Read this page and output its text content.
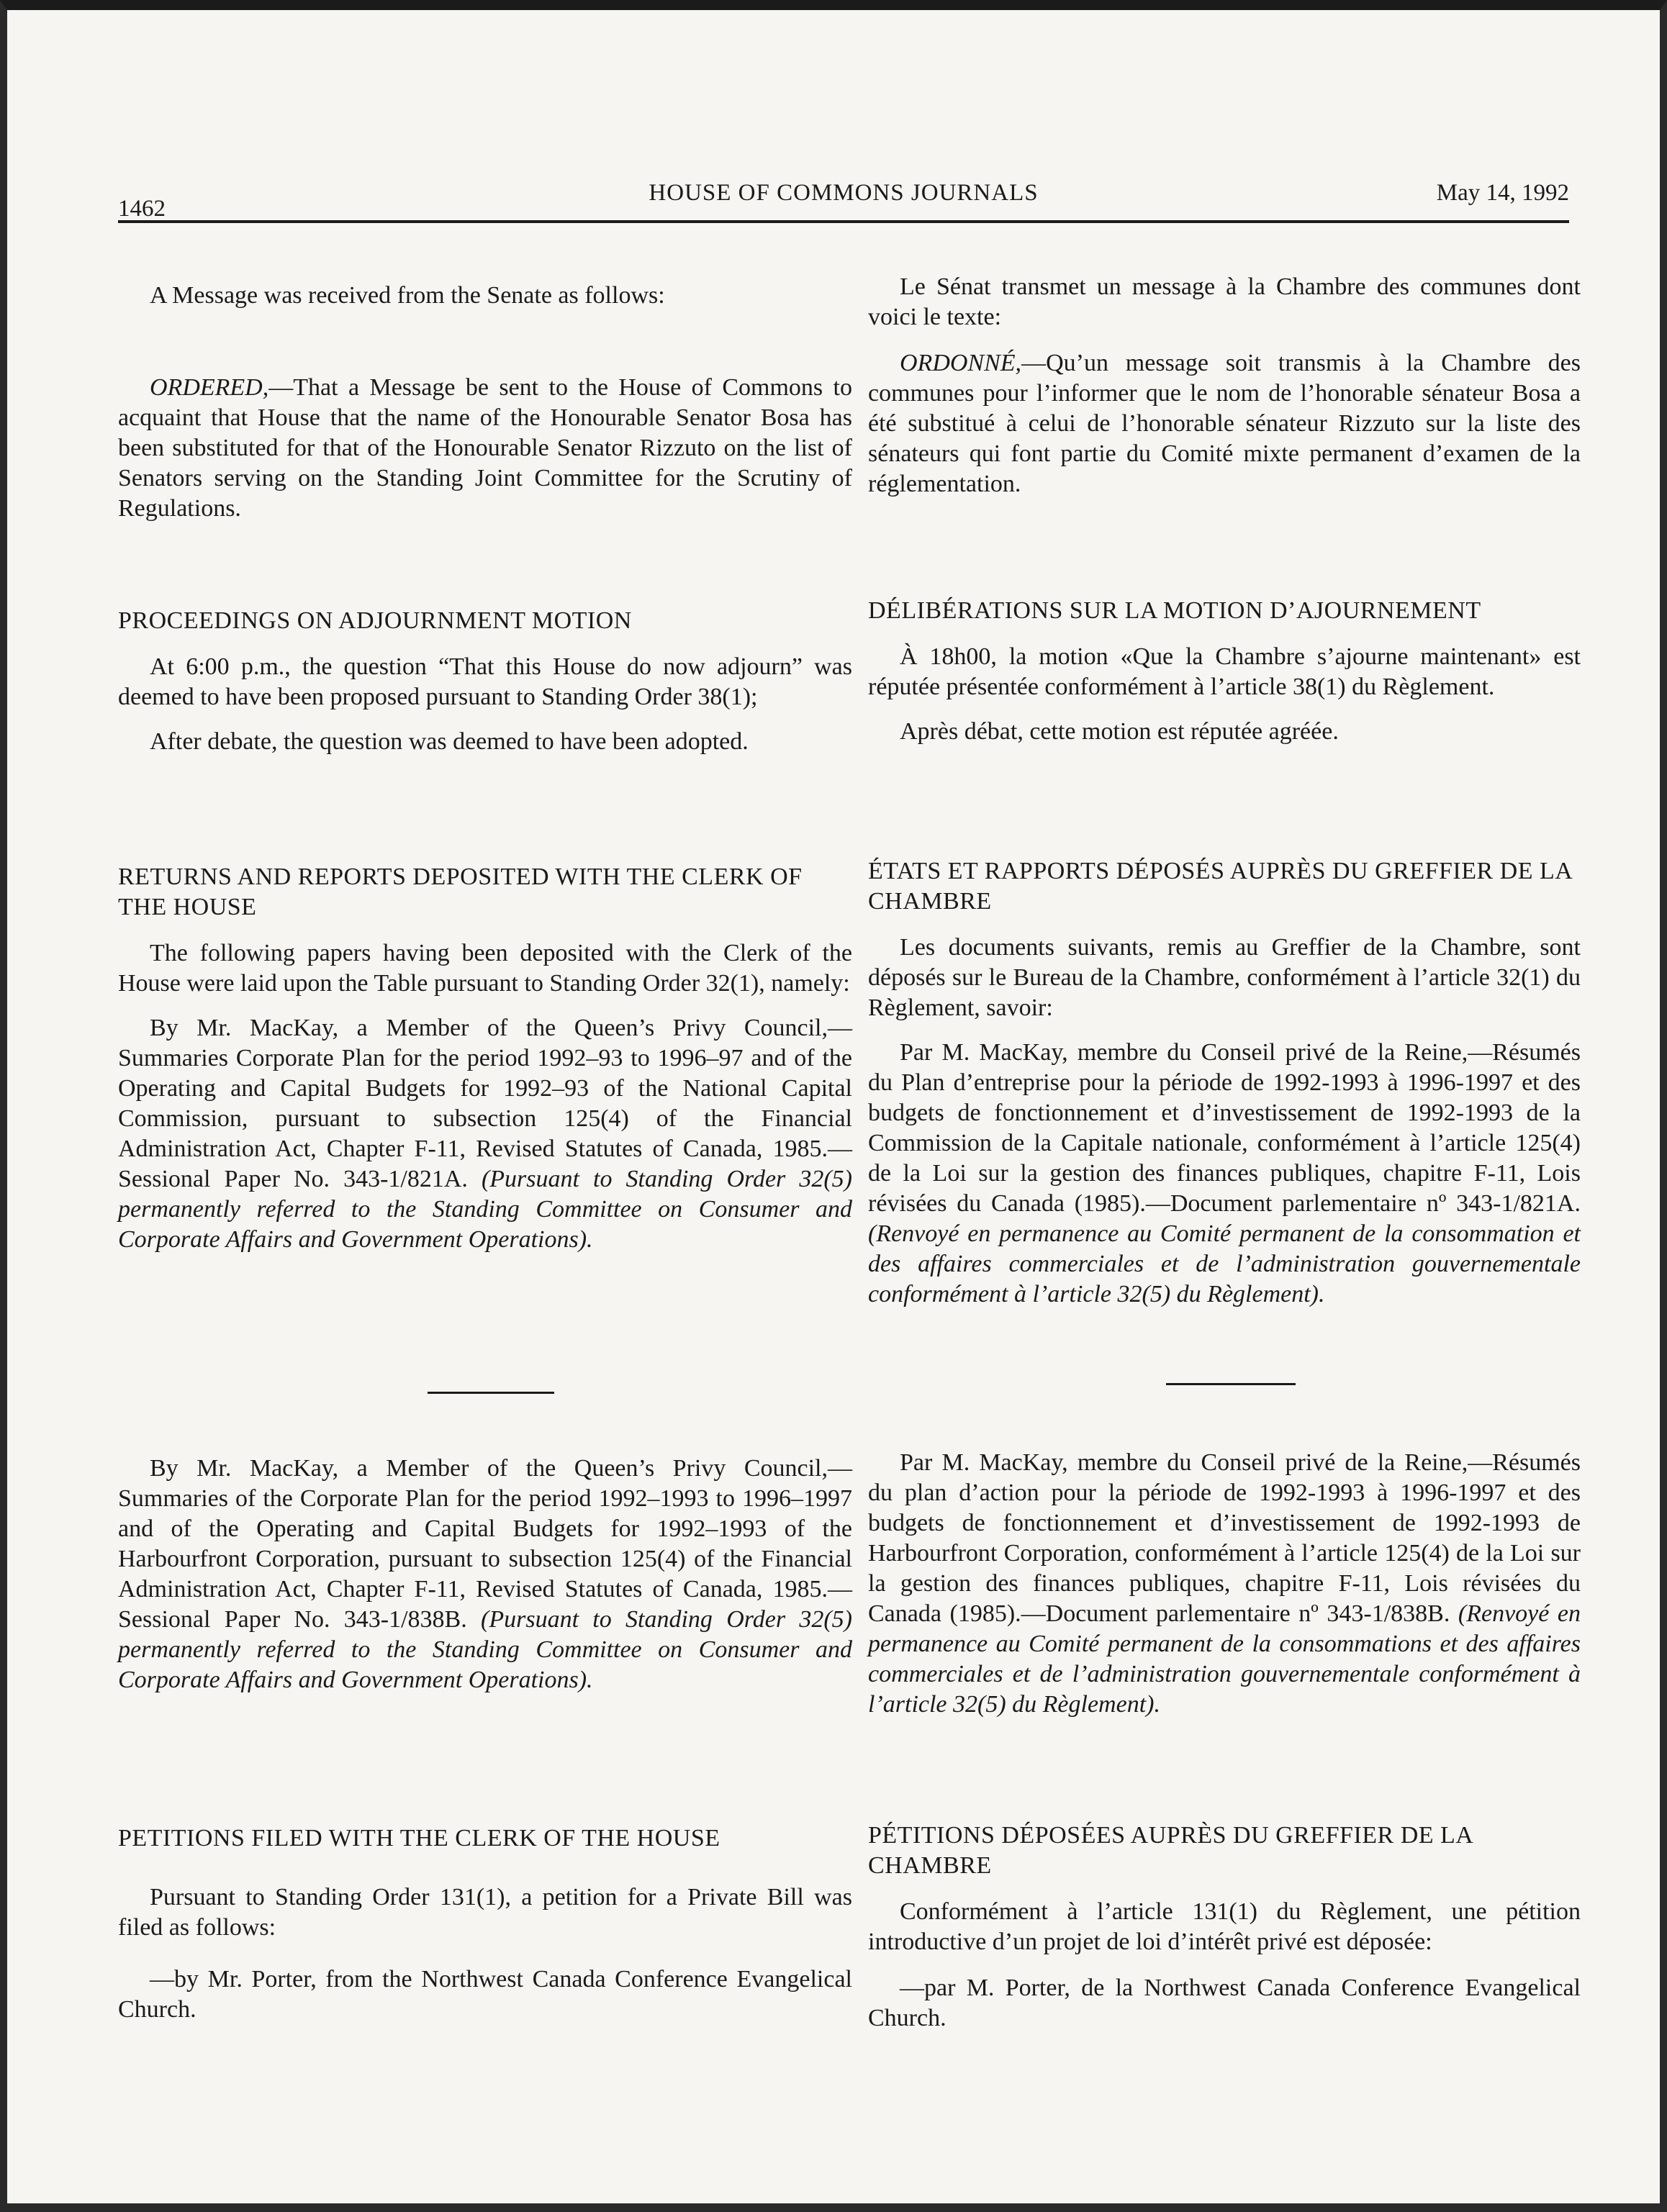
1462
HOUSE OF COMMONS JOURNALS	May 14, 1992

A Message was received from the Senate as follows:

ORDERED,—That a Message be sent to the House of Commons to acquaint that House that the name of the Honourable Senator Bosa has been substituted for that of the Honourable Senator Rizzuto on the list of Senators serving on the Standing Joint Committee for the Scrutiny of Regulations.

PROCEEDINGS ON ADJOURNMENT MOTION

At 6:00 p.m., the question “That this House do now adjourn” was deemed to have been proposed pursuant to Standing Order 38(1);

After debate, the question was deemed to have been adopted.

RETURNS AND REPORTS DEPOSITED WITH THE CLERK OF THE HOUSE

The following papers having been deposited with the Clerk of the House were laid upon the Table pursuant to Standing Order 32(1), namely:

By Mr. MacKay, a Member of the Queen’s Privy Council,—Summaries Corporate Plan for the period 1992–93 to 1996–97 and of the Operating and Capital Budgets for 1992–93 of the National Capital Commission, pursuant to subsection 125(4) of the Financial Administration Act, Chapter F-11, Revised Statutes of Canada, 1985.—Sessional Paper No. 343-1/821A. (Pursuant to Standing Order 32(5) permanently referred to the Standing Committee on Consumer and Corporate Affairs and Government Operations).

By Mr. MacKay, a Member of the Queen’s Privy Council,—Summaries of the Corporate Plan for the period 1992–1993 to 1996–1997 and of the Operating and Capital Budgets for 1992–1993 of the Harbourfront Corporation, pursuant to subsection 125(4) of the Financial Administration Act, Chapter F-11, Revised Statutes of Canada, 1985.—Sessional Paper No. 343-1/838B. (Pursuant to Standing Order 32(5) permanently referred to the Standing Committee on Consumer and Corporate Affairs and Government Operations).

PETITIONS FILED WITH THE CLERK OF THE HOUSE

Pursuant to Standing Order 131(1), a petition for a Private Bill was filed as follows:

—by Mr. Porter, from the Northwest Canada Conference Evangelical Church.

Le Sénat transmet un message à la Chambre des communes dont voici le texte:

ORDONNÉ,—Qu’un message soit transmis à la Chambre des communes pour l’informer que le nom de l’honorable sénateur Bosa a été substitué à celui de l’honorable sénateur Rizzuto sur la liste des sénateurs qui font partie du Comité mixte permanent d’examen de la réglementation.

DÉLIBÉRATIONS SUR LA MOTION D’AJOURNEMENT

À 18h00, la motion «Que la Chambre s’ajourne maintenant» est réputée présentée conformément à l’article 38(1) du Règlement.

Après débat, cette motion est réputée agréée.

ÉTATS ET RAPPORTS DÉPOSÉS AUPRÈS DU GREFFIER DE LA CHAMBRE

Les documents suivants, remis au Greffier de la Chambre, sont déposés sur le Bureau de la Chambre, conformément à l’article 32(1) du Règlement, savoir:

Par M. MacKay, membre du Conseil privé de la Reine,—Résumés du Plan d’entreprise pour la période de 1992-1993 à 1996-1997 et des budgets de fonctionnement et d’investissement de 1992-1993 de la Commission de la Capitale nationale, conformément à l’article 125(4) de la Loi sur la gestion des finances publiques, chapitre F-11, Lois révisées du Canada (1985).—Document parlementaire nº 343-1/821A. (Renvoyé en permanence au Comité permanent de la consommation et des affaires commerciales et de l’administration gouvernementale conformément à l’article 32(5) du Règlement).

Par M. MacKay, membre du Conseil privé de la Reine,—Résumés du plan d’action pour la période de 1992-1993 à 1996-1997 et des budgets de fonctionnement et d’investissement de 1992-1993 de Harbourfront Corporation, conformément à l’article 125(4) de la Loi sur la gestion des finances publiques, chapitre F-11, Lois révisées du Canada (1985).—Document parlementaire nº 343-1/838B. (Renvoyé en permanence au Comité permanent de la consommations et des affaires commerciales et de l’administration gouvernementale conformément à l’article 32(5) du Règlement).

PÉTITIONS DÉPOSÉES AUPRÈS DU GREFFIER DE LA CHAMBRE

Conformément à l’article 131(1) du Règlement, une pétition introductive d’un projet de loi d’intérêt privé est déposée:

—par M. Porter, de la Northwest Canada Conference Evangelical Church.
